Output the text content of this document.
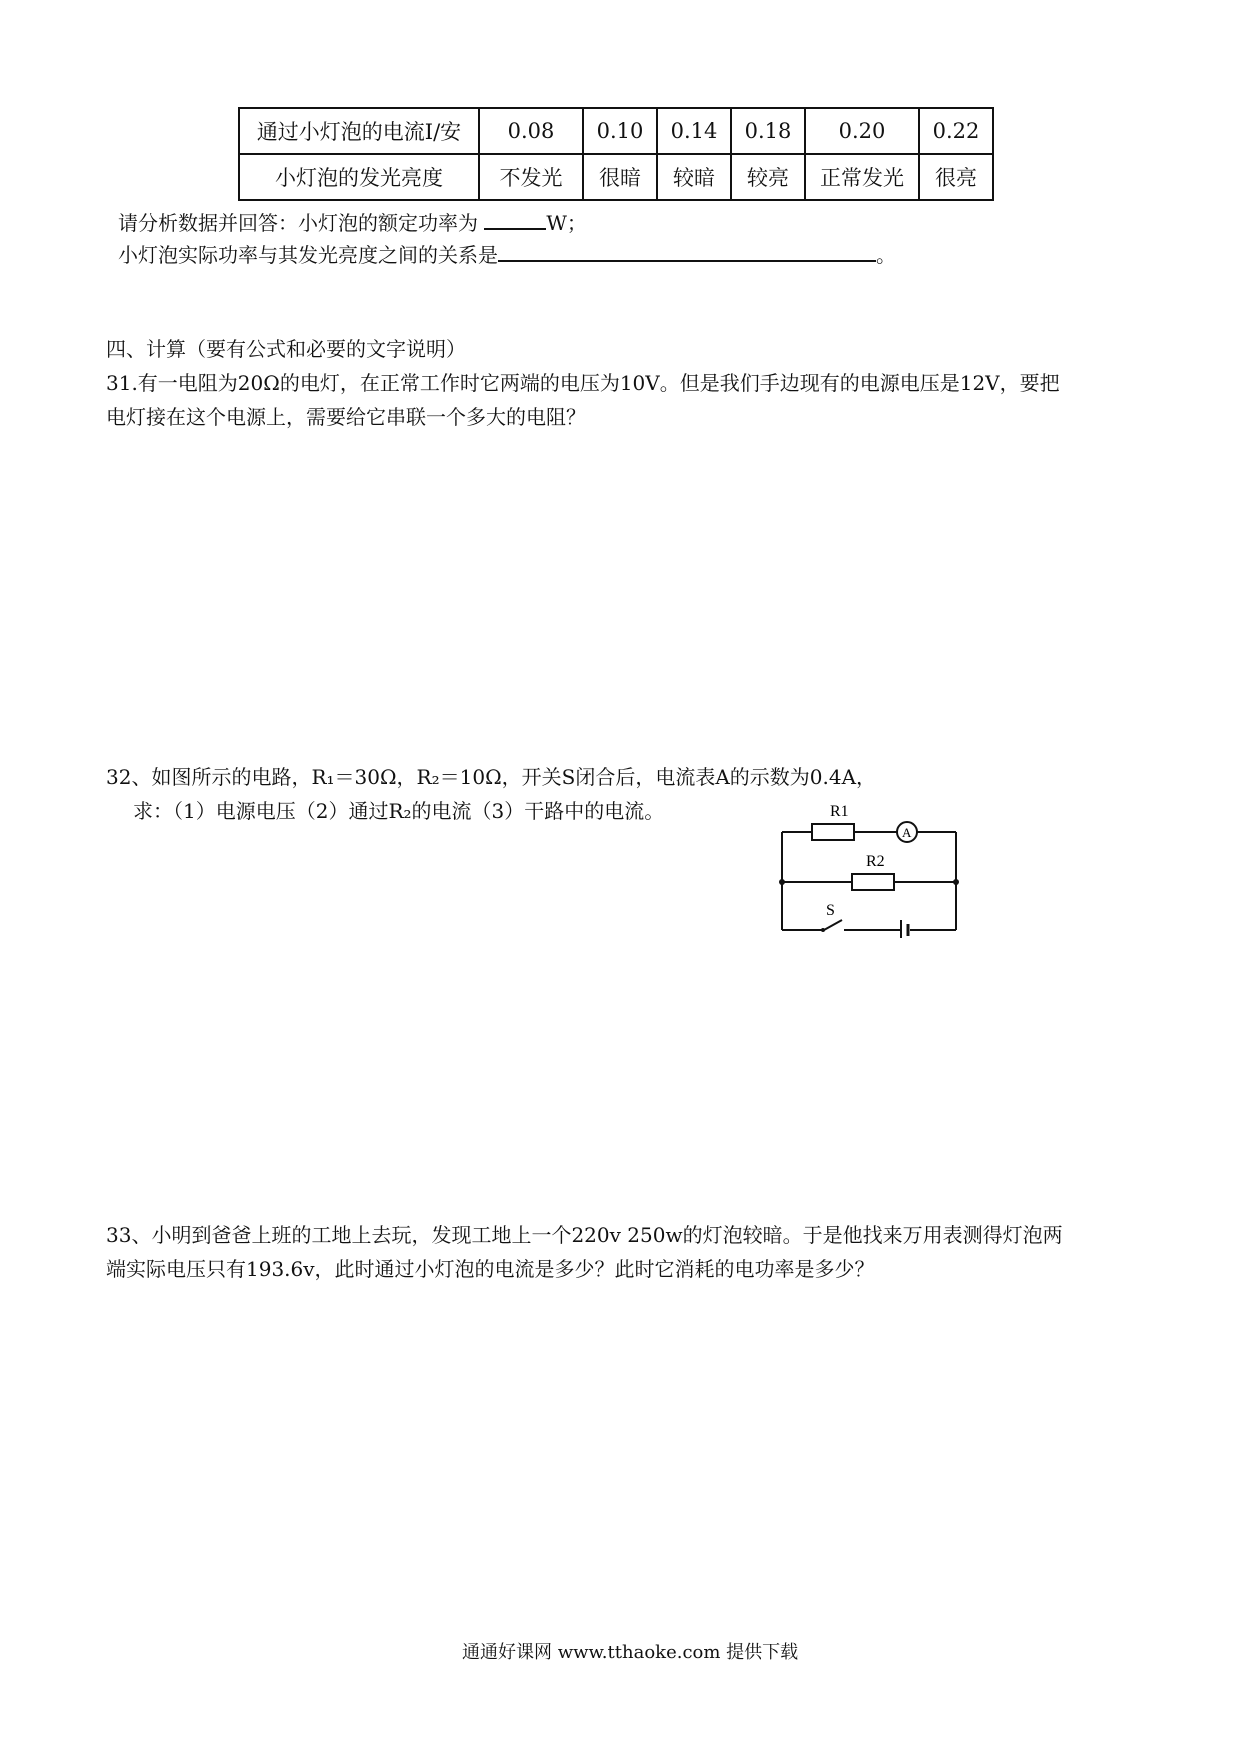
通过小灯泡的电流I/安	0.08	0.10	0.14	0.18	0.20	0.22
小灯泡的发光亮度	不发光	很暗	较暗	较亮	正常发光	很亮
请分析数据并回答：小灯泡的额定功率为	W；
小灯泡实际功率与其发光亮度之间的关系是	。
四、计算（要有公式和必要的文字说明）
31.有一电阻为20Ω的电灯，在正常工作时它两端的电压为10V。但是我们手边现有的电源电压是12V，要把
电灯接在这个电源上，需要给它串联一个多大的电阻？
32、如图所示的电路，R₁＝30Ω，R₂＝10Ω，开关S闭合后，电流表A的示数为0.4A，
求：（1）电源电压（2）通过R₂的电流（3）干路中的电流。	R1
R2
A
S
33、小明到爸爸上班的工地上去玩，发现工地上一个220v 250w的灯泡较暗。于是他找来万用表测得灯泡两
端实际电压只有193.6v，此时通过小灯泡的电流是多少？此时它消耗的电功率是多少？
通通好课网 www.tthaoke.com 提供下载
